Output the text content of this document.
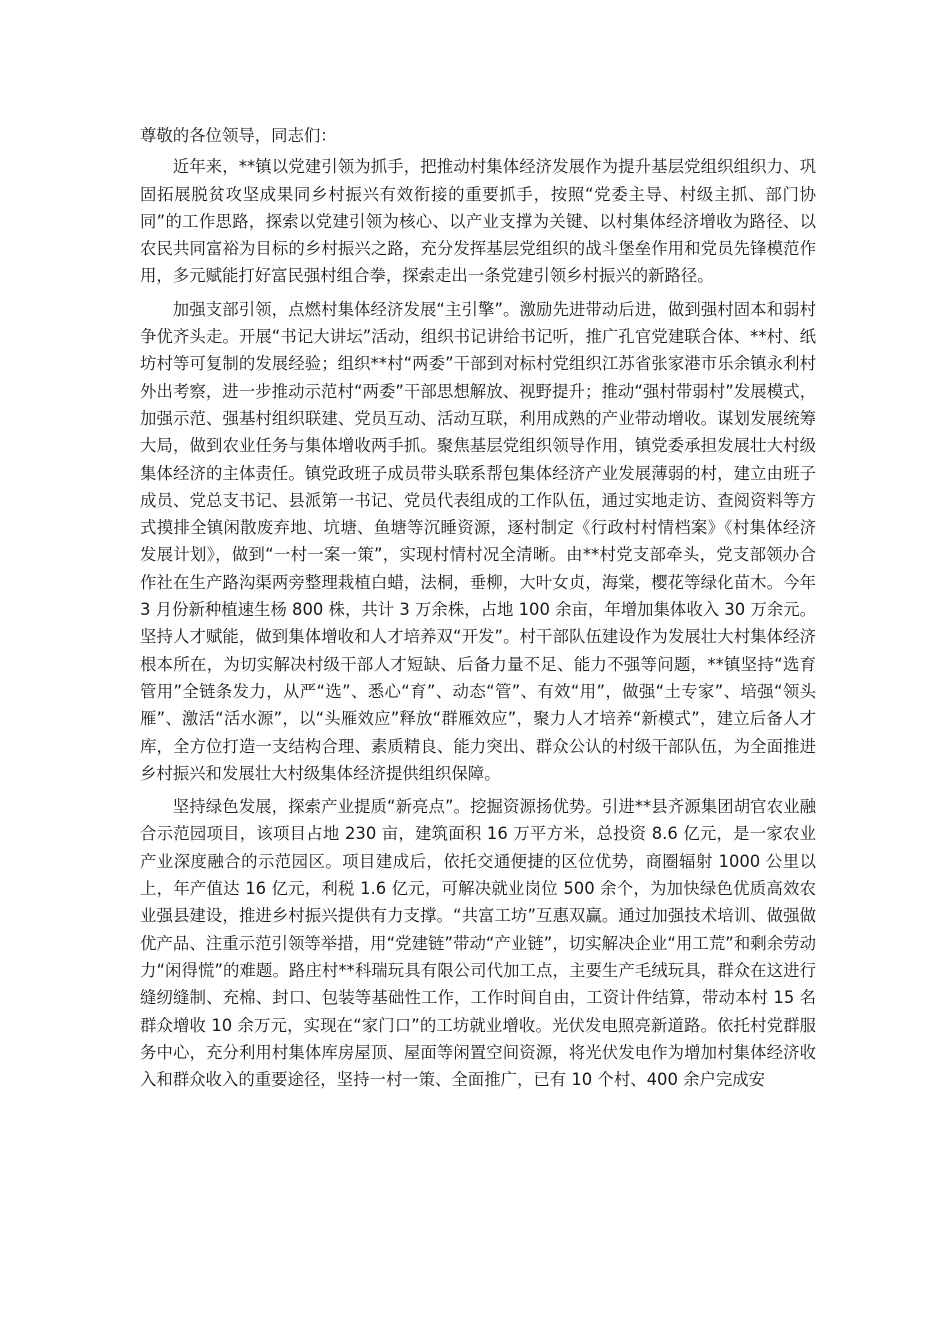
尊敬的各位领导，同志们：

近年来，**镇以党建引领为抓手，把推动村集体经济发展作为提升基层党组织组织力、巩固拓展脱贫攻坚成果同乡村振兴有效衔接的重要抓手，按照“党委主导、村级主抓、部门协同”的工作思路，探索以党建引领为核心、以产业支撑为关键、以村集体经济增收为路径、以农民共同富裕为目标的乡村振兴之路，充分发挥基层党组织的战斗堡垒作用和党员先锋模范作用，多元赋能打好富民强村组合拳，探索走出一条党建引领乡村振兴的新路径。

加强支部引领，点燃村集体经济发展“主引擎”。激励先进带动后进，做到强村固本和弱村争优齐头走。开展“书记大讲坛”活动，组织书记讲给书记听，推广孔官党建联合体、**村、纸坊村等可复制的发展经验；组织**村“两委”干部到对标村党组织江苏省张家港市乐余镇永利村外出考察，进一步推动示范村“两委”干部思想解放、视野提升；推动“强村带弱村”发展模式，加强示范、强基村组织联建、党员互动、活动互联，利用成熟的产业带动增收。谋划发展统筹大局，做到农业任务与集体增收两手抓。聚焦基层党组织领导作用，镇党委承担发展壮大村级集体经济的主体责任。镇党政班子成员带头联系帮包集体经济产业发展薄弱的村，建立由班子成员、党总支书记、县派第一书记、党员代表组成的工作队伍，通过实地走访、查阅资料等方式摸排全镇闲散废弃地、坑塘、鱼塘等沉睡资源，逐村制定《行政村村情档案》《村集体经济发展计划》，做到“一村一案一策”，实现村情村况全清晰。由**村党支部牵头，党支部领办合作社在生产路沟渠两旁整理栽植白蜡，法桐，垂柳，大叶女贞，海棠，樱花等绿化苗木。今年 3 月份新种植速生杨 800 株，共计 3 万余株，占地 100 余亩，年增加集体收入 30 万余元。坚持人才赋能，做到集体增收和人才培养双“开发”。村干部队伍建设作为发展壮大村集体经济根本所在，为切实解决村级干部人才短缺、后备力量不足、能力不强等问题，**镇坚持“选育管用”全链条发力，从严“选”、悉心“育”、动态“管”、有效“用”，做强“土专家”、培强“领头雁”、激活“活水源”，以“头雁效应”释放“群雁效应”，聚力人才培养“新模式”，建立后备人才库，全方位打造一支结构合理、素质精良、能力突出、群众公认的村级干部队伍，为全面推进乡村振兴和发展壮大村级集体经济提供组织保障。

坚持绿色发展，探索产业提质“新亮点”。挖掘资源扬优势。引进**县齐源集团胡官农业融合示范园项目，该项目占地 230 亩，建筑面积 16 万平方米，总投资 8.6 亿元，是一家农业产业深度融合的示范园区。项目建成后，依托交通便捷的区位优势，商圈辐射 1000 公里以上，年产值达 16 亿元，利税 1.6 亿元，可解决就业岗位 500 余个，为加快绿色优质高效农业强县建设，推进乡村振兴提供有力支撑。“共富工坊”互惠双赢。通过加强技术培训、做强做优产品、注重示范引领等举措，用“党建链”带动“产业链”，切实解决企业“用工荒”和剩余劳动力“闲得慌”的难题。路庄村**科瑞玩具有限公司代加工点，主要生产毛绒玩具，群众在这进行缝纫缝制、充棉、封口、包装等基础性工作，工作时间自由，工资计件结算，带动本村 15 名群众增收 10 余万元，实现在“家门口”的工坊就业增收。光伏发电照亮新道路。依托村党群服务中心，充分利用村集体库房屋顶、屋面等闲置空间资源，将光伏发电作为增加村集体经济收入和群众收入的重要途径，坚持一村一策、全面推广，已有 10 个村、400 余户完成安
